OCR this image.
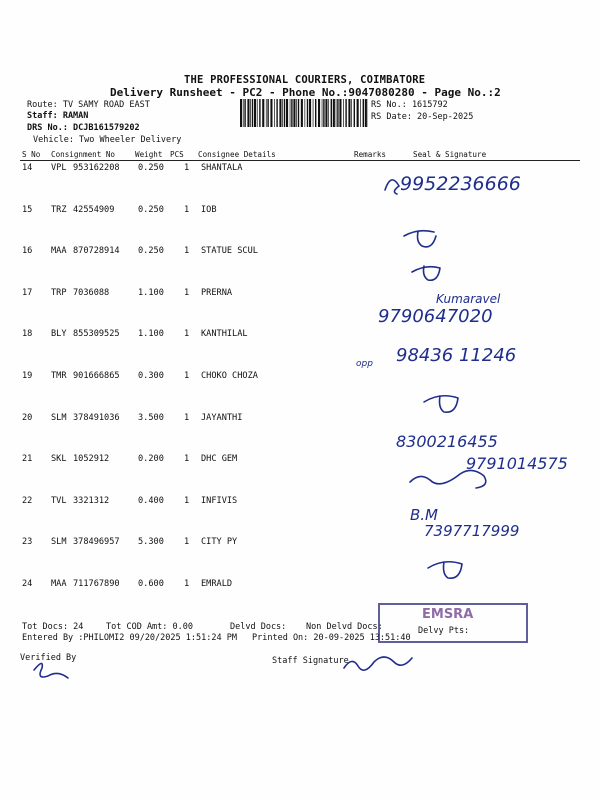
THE PROFESSIONAL COURIERS, COIMBATORE
Delivery Runsheet - PC2 - Phone No.:9047080280 - Page No.:2
Route: TV SAMY ROAD EAST
Staff: RAMAN
DRS No.: DCJB161579202
Vehicle: Two Wheeler Delivery
RS No.: 1615792
RS Date: 20-Sep-2025
S No Consignment No	Weight PCS Consignee Details	Remarks	Seal & Signature
14 VPL 953162208 0.250 1 SHANTALA
15 TRZ 42554909	0.250 1 IOB
16 MAA 870728914 0.250 1 STATUE SCUL
17 TRP 7036088	1.100 1 PRERNA
18 BLY 855309525 1.100 1 KANTHILAL
19 TMR 901666865 0.300 1 CHOKO CHOZA
20 SLM 378491036 3.500 1 JAYANTHI
21 SKL 1052912	0.200 1 DHC GEM
22 TVL 3321312	0.400 1 INFIVIS
23 SLM 378496957 5.300 1 CITY PY
24 MAA 711767890 0.600 1 EMRALD
9952236666
Kumaravel
9790647020
opp 98436 11246
8300216455
9791014575
B.M
7397717999
Tot Docs: 24	Tot COD Amt: 0.00	Delvd Docs: Non Delvd Docs:	Delvy Pts:
Entered By :PHILOMI2 09/20/2025 1:51:24 PM Printed On: 20-09-2025 13:51:40
Verified By	Staff Signature
EMSRA
